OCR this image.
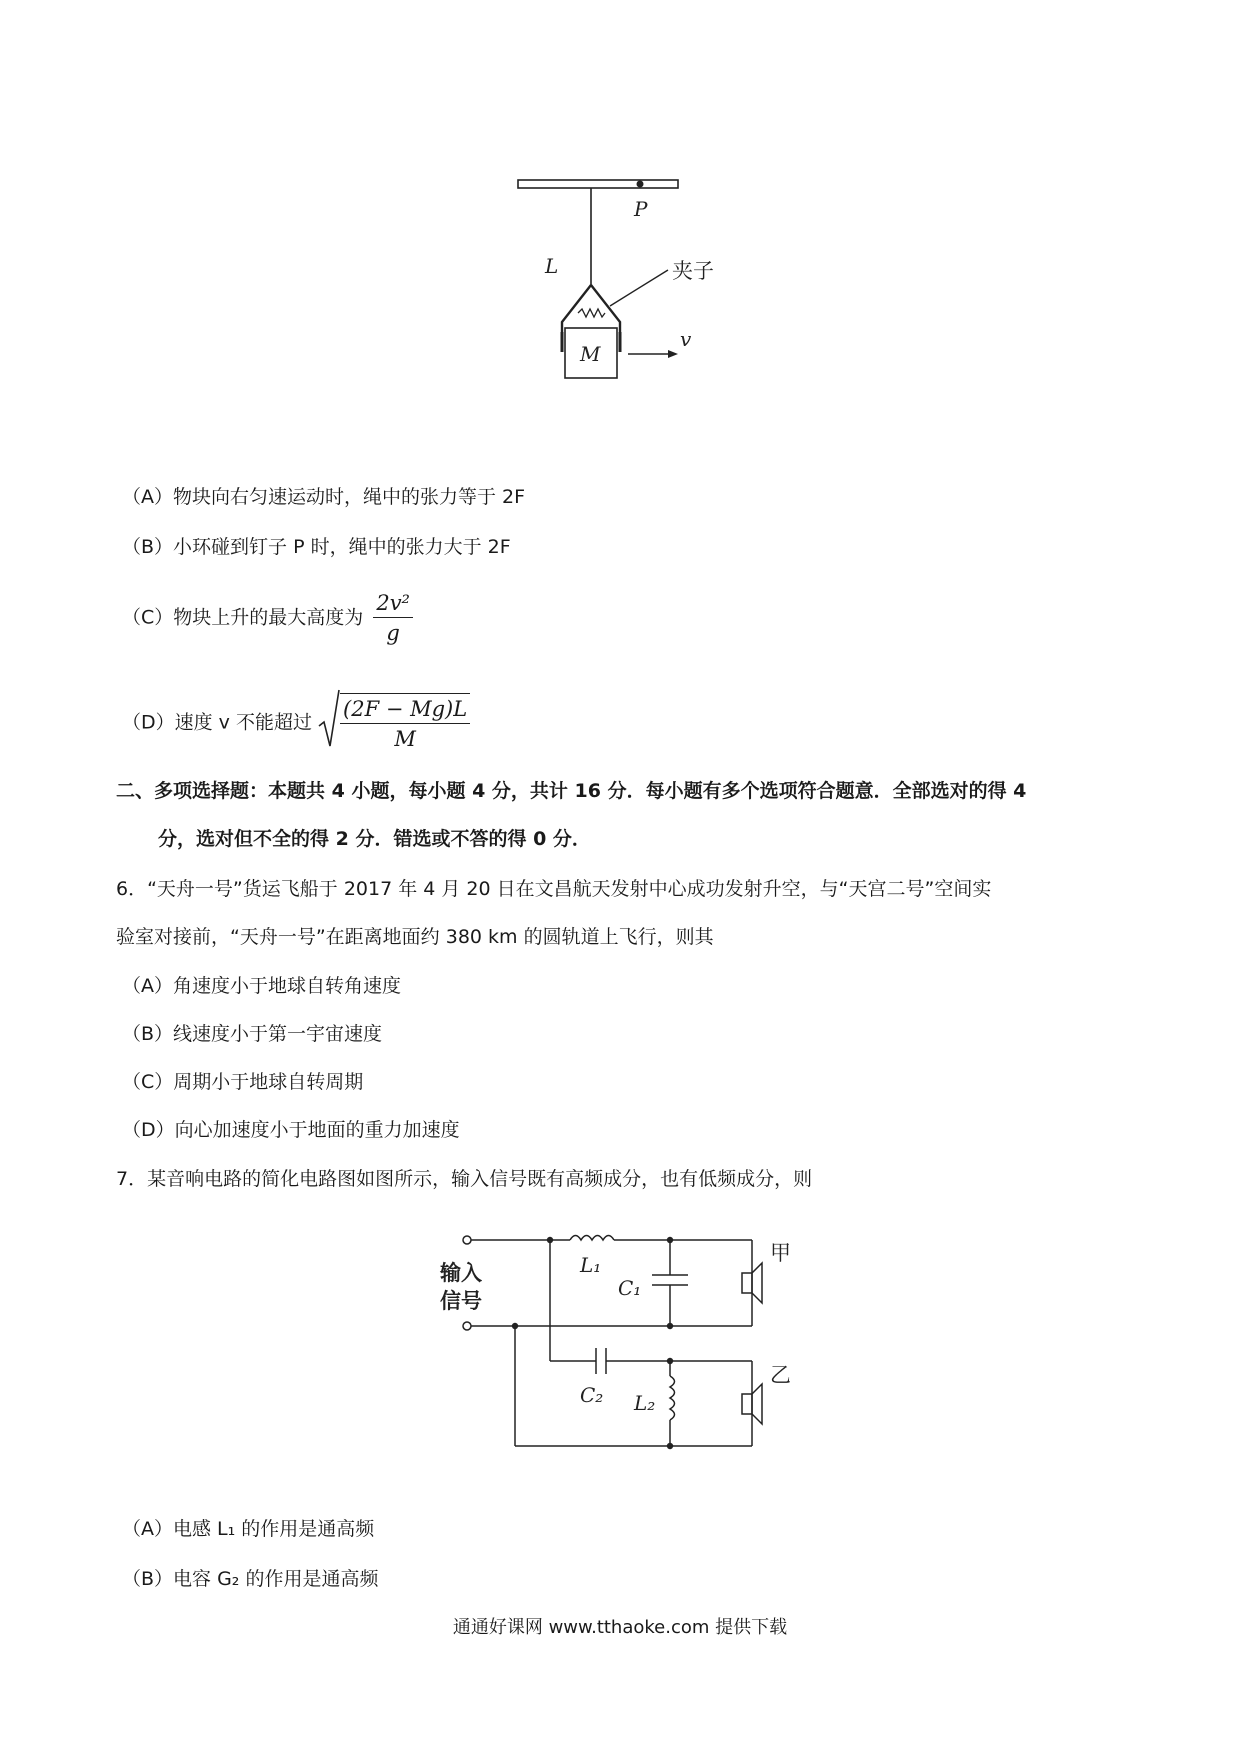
P
L	夹子
M
v
（A）物块向右匀速运动时，绳中的张力等于 2F
（B）小环碰到钉子 P 时，绳中的张力大于 2F
（C）物块上升的最大高度为 $\frac{\text{2v²}}{g}$
（D）速度 v 不能超过 $\frac{(2F - Mg)L}{M}$
二、多项选择题：本题共 4 小题，每小题 4 分，共计 16 分．每小题有多个选项符合题意．全部选对的得 4
分，选对但不全的得 2 分．错选或不答的得 0 分．
6．“天舟一号”货运飞船于 2017 年 4 月 20 日在文昌航天发射中心成功发射升空，与“天宫二号”空间实
验室对接前，“天舟一号”在距离地面约 380 km 的圆轨道上飞行，则其
（A）角速度小于地球自转角速度
（B）线速度小于第一宇宙速度
（C）周期小于地球自转周期
（D）向心加速度小于地面的重力加速度
7．某音响电路的简化电路图如图所示，输入信号既有高频成分，也有低频成分，则
输入
信号
L₁
C₁
C₂ L₂
甲
乙
（A）电感 L₁ 的作用是通高频
（B）电容 G₂ 的作用是通高频
通通好课网 www.tthaoke.com 提供下载
